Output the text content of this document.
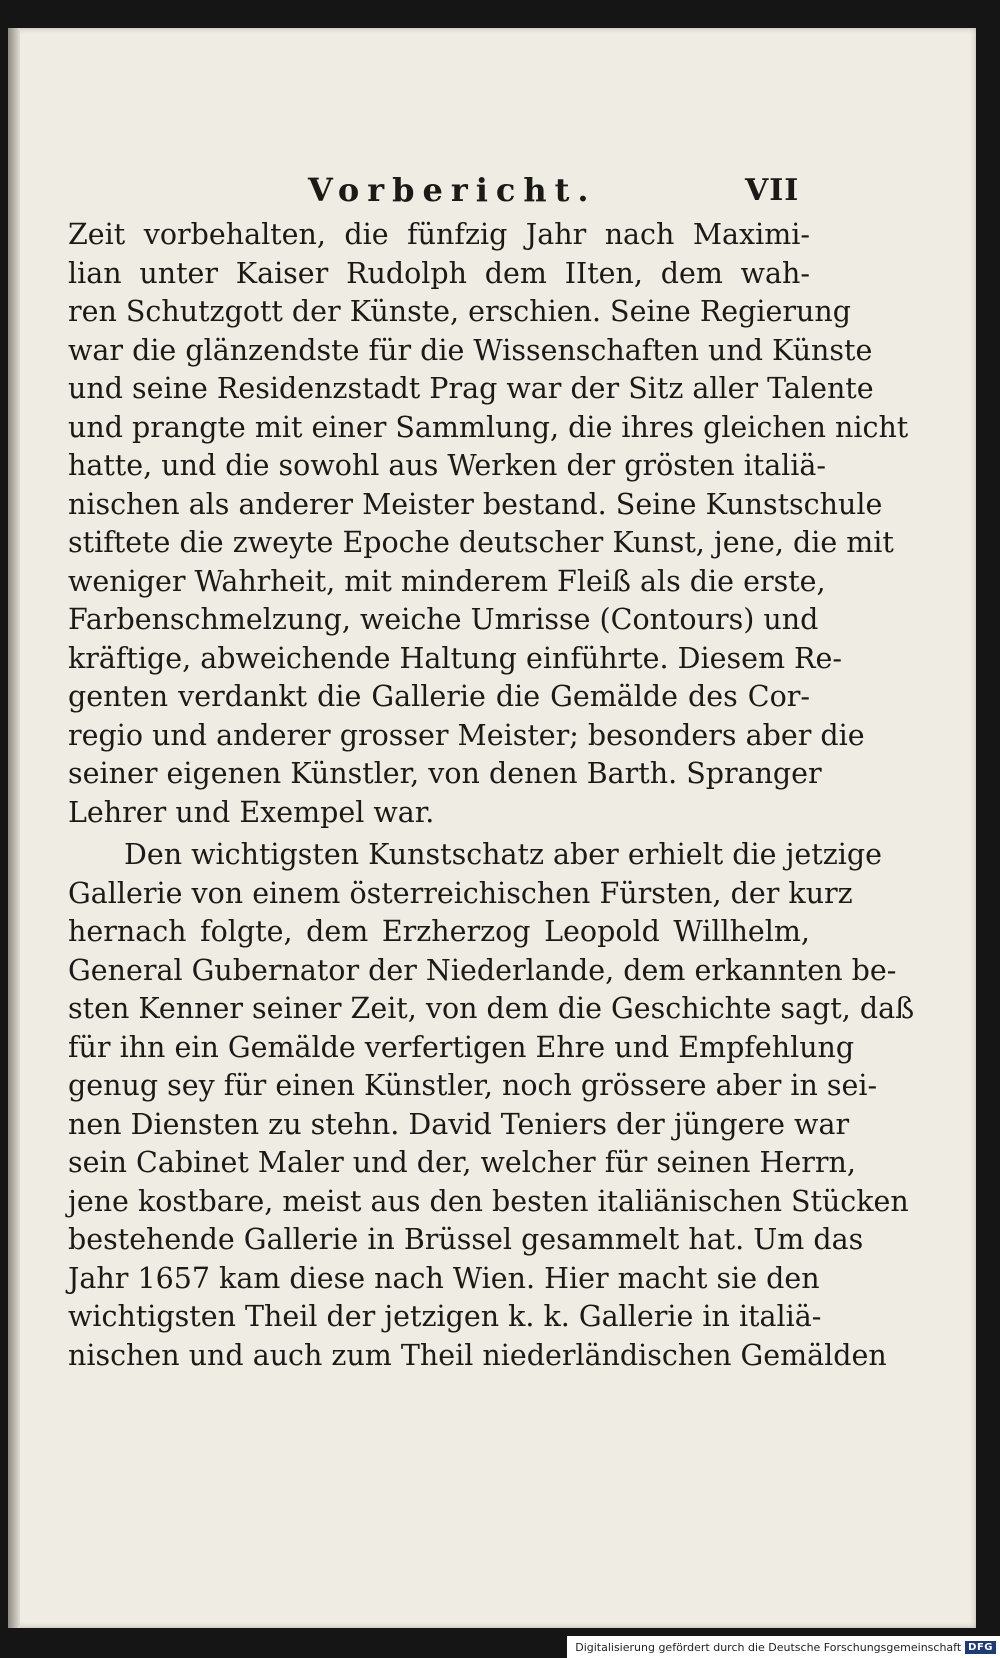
Vorbericht.	VII
Zeit vorbehalten, die fünfzig Jahr nach Maximi-
lian unter Kaiser Rudolph dem IIten, dem wah-
ren Schutzgott der Künste, erschien. Seine Regierung
war die glänzendste für die Wissenschaften und Künste
und seine Residenzstadt Prag war der Sitz aller Talente
und prangte mit einer Sammlung, die ihres gleichen nicht
hatte, und die sowohl aus Werken der grösten italiä-
nischen als anderer Meister bestand. Seine Kunstschule
stiftete die zweyte Epoche deutscher Kunst, jene, die mit
weniger Wahrheit, mit minderem Fleiß als die erste,
Farbenschmelzung, weiche Umrisse (Contours) und
kräftige, abweichende Haltung einführte. Diesem Re-
genten verdankt die Gallerie die Gemälde des Cor-
regio und anderer grosser Meister; besonders aber die
seiner eigenen Künstler, von denen Barth. Spranger
Lehrer und Exempel war.
Den wichtigsten Kunstschatz aber erhielt die jetzige
Gallerie von einem österreichischen Fürsten, der kurz
hernach folgte, dem Erzherzog Leopold Willhelm,
General Gubernator der Niederlande, dem erkannten be-
sten Kenner seiner Zeit, von dem die Geschichte sagt, daß
für ihn ein Gemälde verfertigen Ehre und Empfehlung
genug sey für einen Künstler, noch grössere aber in sei-
nen Diensten zu stehn. David Teniers der jüngere war
sein Cabinet Maler und der, welcher für seinen Herrn,
jene kostbare, meist aus den besten italiänischen Stücken
bestehende Gallerie in Brüssel gesammelt hat. Um das
Jahr 1657 kam diese nach Wien. Hier macht sie den
wichtigsten Theil der jetzigen k. k. Gallerie in italiä-
nischen und auch zum Theil niederländischen Gemälden
Digitalisierung gefördert durch die Deutsche Forschungsgemeinschaft DFG
